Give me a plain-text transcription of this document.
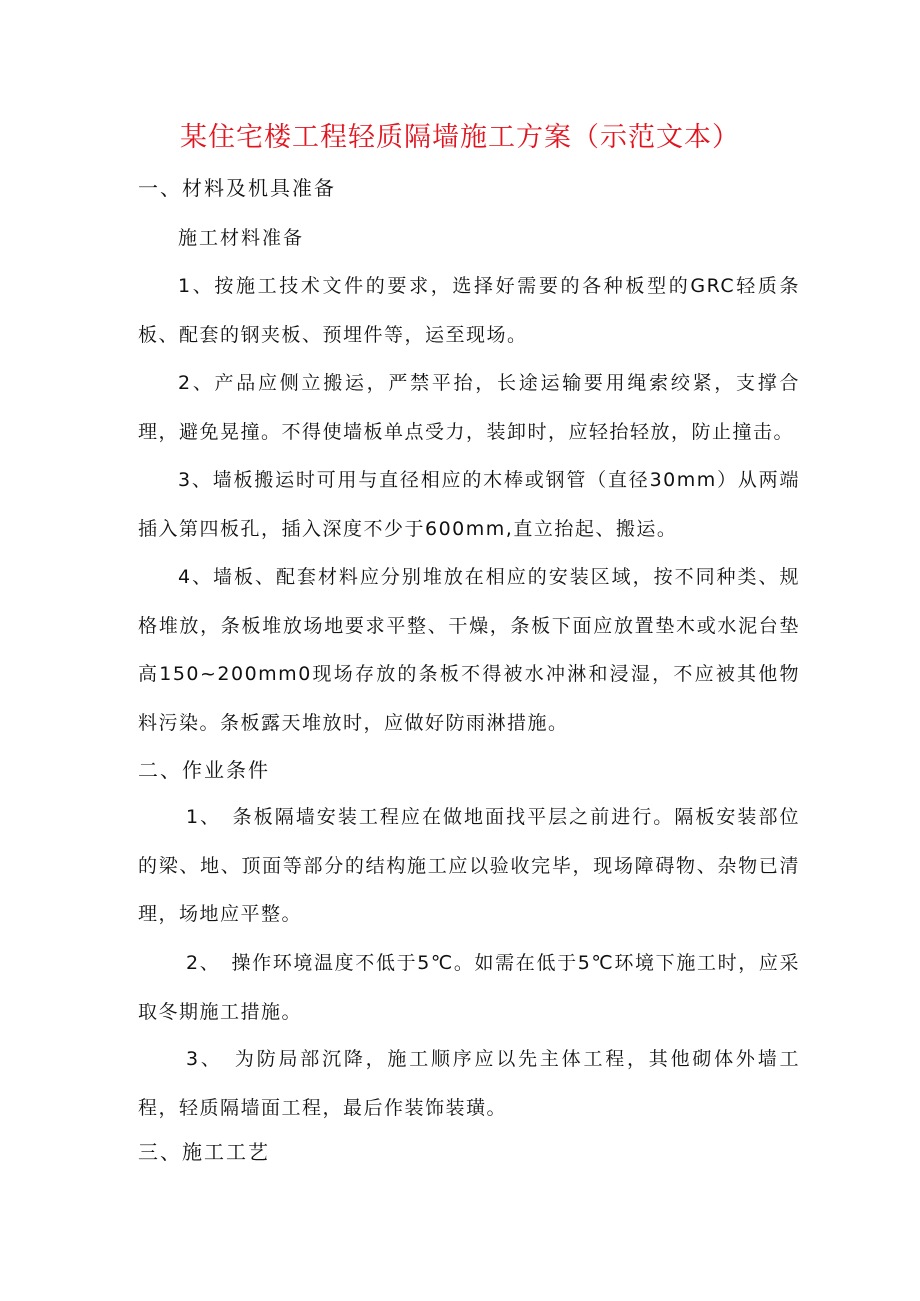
某住宅楼工程轻质隔墙施工方案（示范文本）
一、材料及机具准备
施工材料准备

1、按施工技术文件的要求，选择好需要的各种板型的GRC轻质条板、配套的钢夹板、预埋件等，运至现场。

2、产品应侧立搬运，严禁平抬，长途运输要用绳索绞紧，支撑合理，避免晃撞。不得使墙板单点受力，装卸时，应轻抬轻放，防止撞击。

3、墙板搬运时可用与直径相应的木棒或钢管（直径30mm）从两端插入第四板孔，插入深度不少于600mm,直立抬起、搬运。

4、墙板、配套材料应分别堆放在相应的安装区域，按不同种类、规格堆放，条板堆放场地要求平整、干燥，条板下面应放置垫木或水泥台垫高150~200mm0现场存放的条板不得被水冲淋和浸湿，不应被其他物料污染。条板露天堆放时，应做好防雨淋措施。

二、作业条件

1、　条板隔墙安装工程应在做地面找平层之前进行。隔板安装部位的梁、地、顶面等部分的结构施工应以验收完毕，现场障碍物、杂物已清理，场地应平整。

2、　操作环境温度不低于5℃。如需在低于5℃环境下施工时，应采取冬期施工措施。

3、　为防局部沉降，施工顺序应以先主体工程，其他砌体外墙工程，轻质隔墙面工程，最后作装饰装璜。

三、施工工艺
